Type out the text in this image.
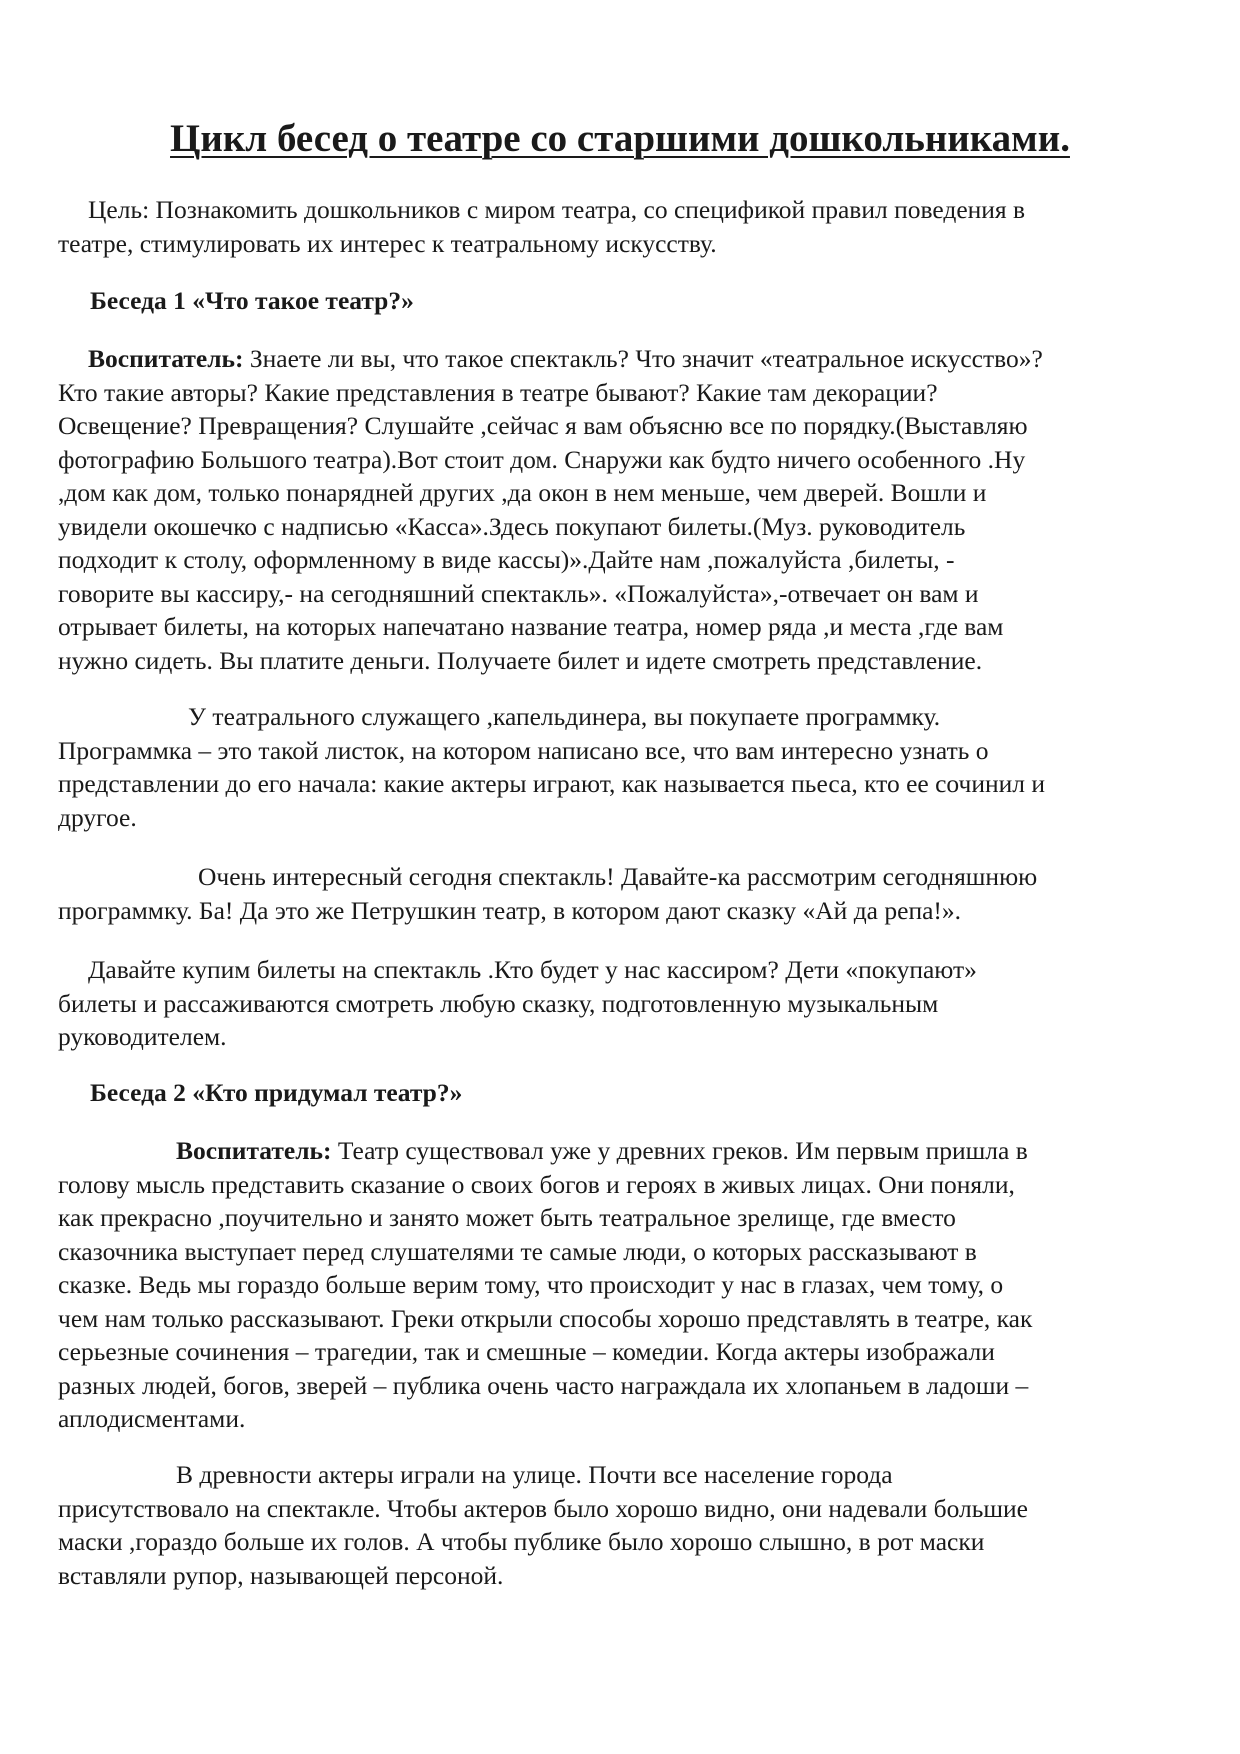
Цикл бесед о театре со старшими дошкольниками.
Цель: Познакомить дошкольников с миром театра, со спецификой правил поведения в
театре, стимулировать их интерес к театральному искусству.
Беседа 1 «Что такое театр?»
Воспитатель: Знаете ли вы, что такое спектакль? Что значит «театральное искусство»?
Кто такие авторы? Какие представления в театре бывают? Какие там декорации?
Освещение? Превращения? Слушайте ,сейчас я вам объясню все по порядку.(Выставляю
фотографию Большого театра).Вот стоит дом. Снаружи как будто ничего особенного .Ну
,дом как дом, только понарядней других ,да окон в нем меньше, чем дверей. Вошли и
увидели окошечко с надписью «Касса».Здесь покупают билеты.(Муз. руководитель
подходит к столу, оформленному в виде кассы)».Дайте нам ,пожалуйста ,билеты, -
говорите вы кассиру,- на сегодняшний спектакль». «Пожалуйста»,-отвечает он вам и
отрывает билеты, на которых напечатано название театра, номер ряда ,и места ,где вам
нужно сидеть. Вы платите деньги. Получаете билет и идете смотреть представление.
У театрального служащего ,капельдинера, вы покупаете программку.
Программка – это такой листок, на котором написано все, что вам интересно узнать о
представлении до его начала: какие актеры играют, как называется пьеса, кто ее сочинил и
другое.
Очень интересный сегодня спектакль! Давайте-ка рассмотрим сегодняшнюю
программку. Ба! Да это же Петрушкин театр, в котором дают сказку «Ай да репа!».
Давайте купим билеты на спектакль .Кто будет у нас кассиром? Дети «покупают»
билеты и рассаживаются смотреть любую сказку, подготовленную музыкальным
руководителем.
Беседа 2 «Кто придумал театр?»
Воспитатель: Театр существовал уже у древних греков. Им первым пришла в
голову мысль представить сказание о своих богов и героях в живых лицах. Они поняли,
как прекрасно ,поучительно и занято может быть театральное зрелище, где вместо
сказочника выступает перед слушателями те самые люди, о которых рассказывают в
сказке. Ведь мы гораздо больше верим тому, что происходит у нас в глазах, чем тому, о
чем нам только рассказывают. Греки открыли способы хорошо представлять в театре, как
серьезные сочинения – трагедии, так и смешные – комедии. Когда актеры изображали
разных людей, богов, зверей – публика очень часто награждала их хлопаньем в ладоши –
аплодисментами.
В древности актеры играли на улице. Почти все население города
присутствовало на спектакле. Чтобы актеров было хорошо видно, они надевали большие
маски ,гораздо больше их голов. А чтобы публике было хорошо слышно, в рот маски
вставляли рупор, называющей персоной.
